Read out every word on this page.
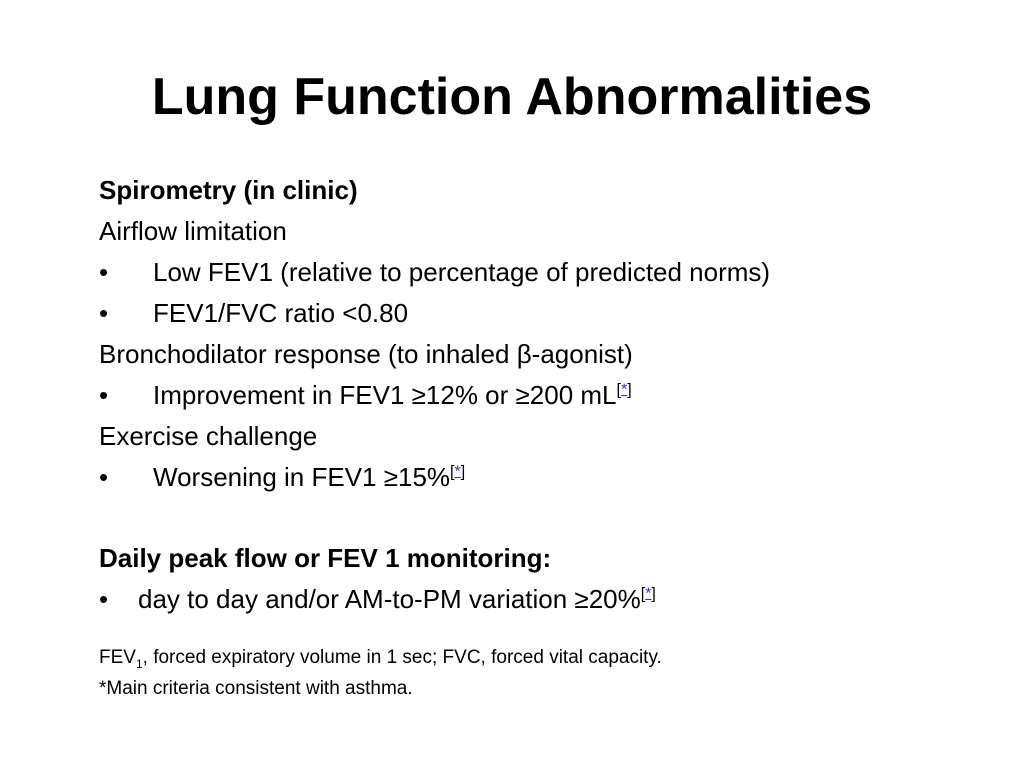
Lung Function Abnormalities
Spirometry (in clinic)
Airflow limitation
• Low FEV1 (relative to percentage of predicted norms)
• FEV1/FVC ratio <0.80
Bronchodilator response (to inhaled β-agonist)
• Improvement in FEV1 ≥12% or ≥200 mL[*]
Exercise challenge
• Worsening in FEV1 ≥15%[*]
Daily peak flow or FEV 1 monitoring:
• day to day and/or AM-to-PM variation ≥20%[*]
$FEV_1$, forced expiratory volume in 1 sec; FVC, forced vital capacity.
*Main criteria consistent with asthma.
